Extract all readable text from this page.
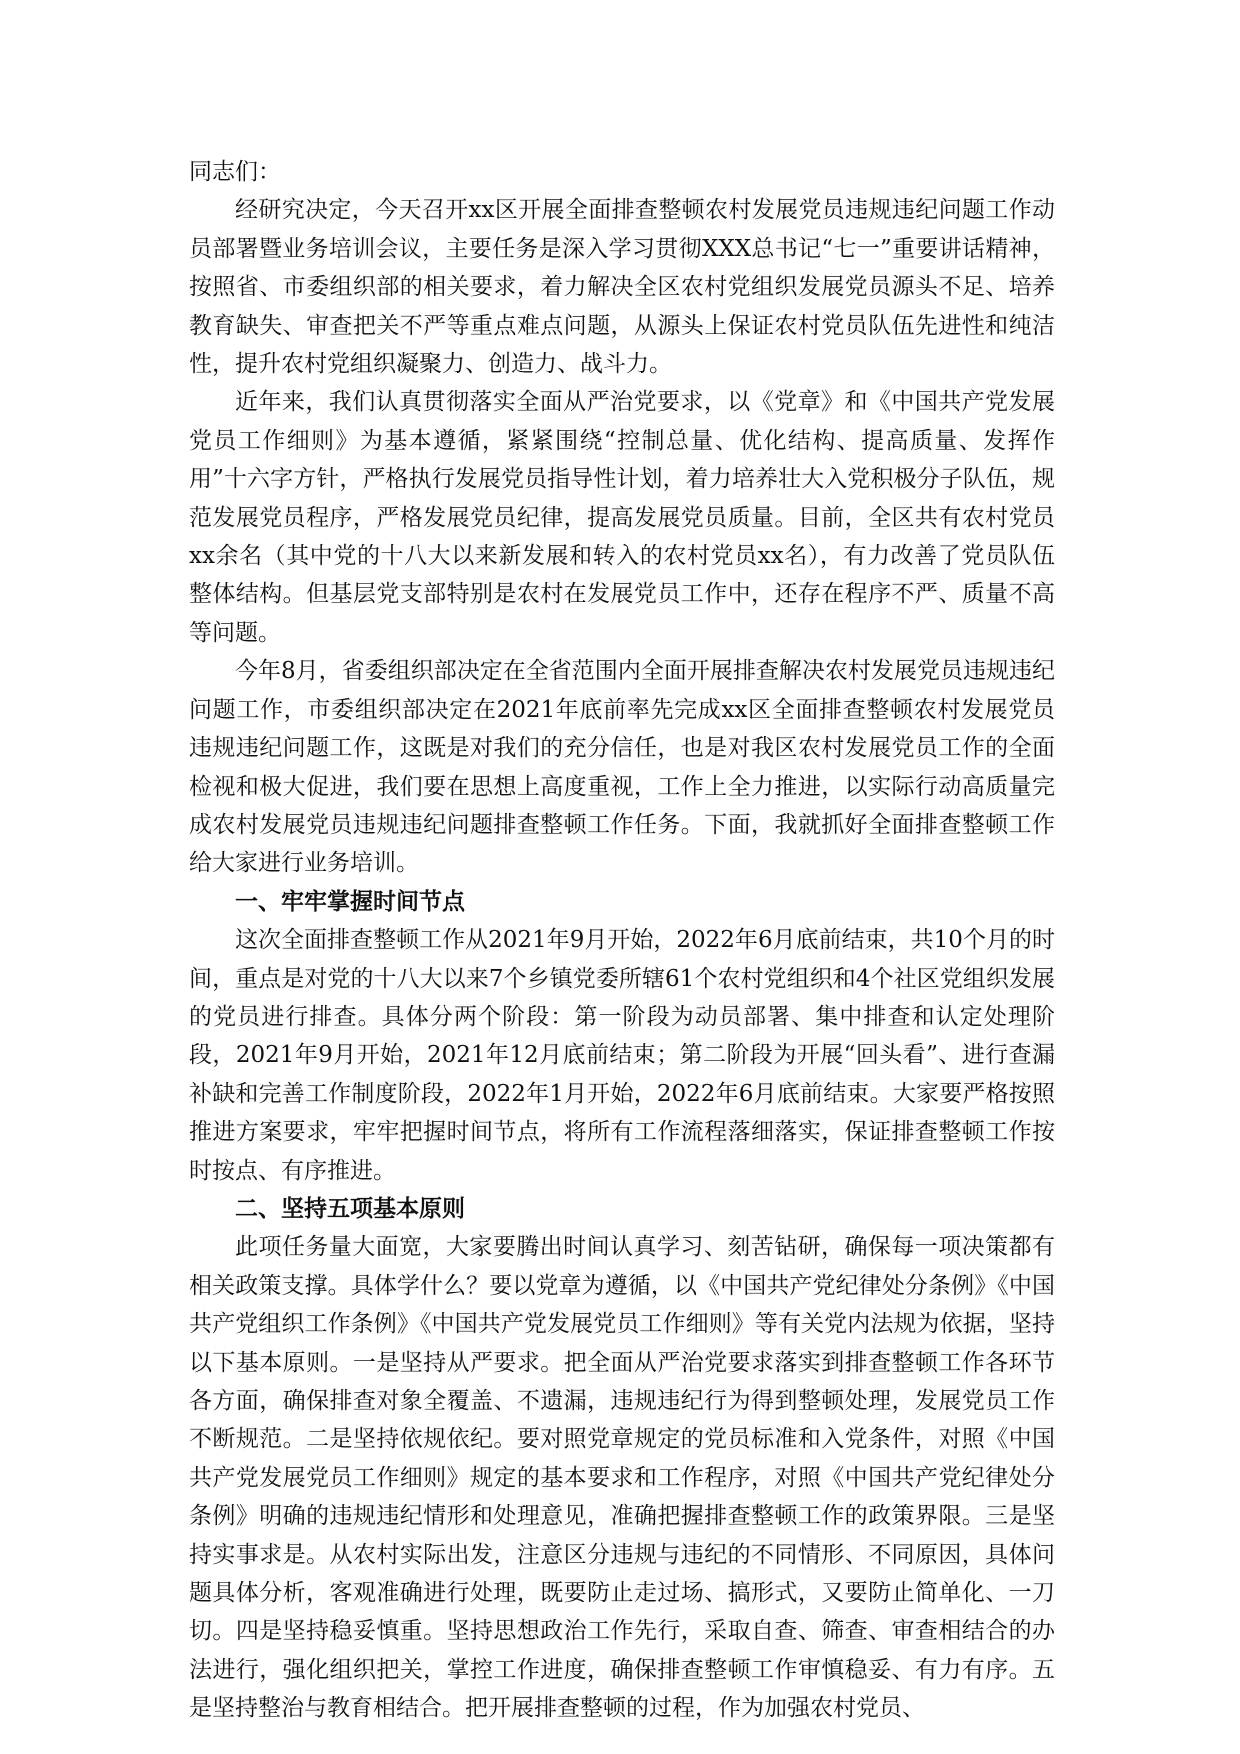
同志们：

经研究决定，今天召开xx区开展全面排查整顿农村发展党员违规违纪问题工作动员部署暨业务培训会议，主要任务是深入学习贯彻XXX总书记“七一”重要讲话精神，按照省、市委组织部的相关要求，着力解决全区农村党组织发展党员源头不足、培养教育缺失、审查把关不严等重点难点问题，从源头上保证农村党员队伍先进性和纯洁性，提升农村党组织凝聚力、创造力、战斗力。

近年来，我们认真贯彻落实全面从严治党要求，以《党章》和《中国共产党发展党员工作细则》为基本遵循，紧紧围绕“控制总量、优化结构、提高质量、发挥作用”十六字方针，严格执行发展党员指导性计划，着力培养壮大入党积极分子队伍，规范发展党员程序，严格发展党员纪律，提高发展党员质量。目前，全区共有农村党员xx余名（其中党的十八大以来新发展和转入的农村党员xx名），有力改善了党员队伍整体结构。但基层党支部特别是农村在发展党员工作中，还存在程序不严、质量不高等问题。

今年8月，省委组织部决定在全省范围内全面开展排查解决农村发展党员违规违纪问题工作，市委组织部决定在2021年底前率先完成xx区全面排查整顿农村发展党员违规违纪问题工作，这既是对我们的充分信任，也是对我区农村发展党员工作的全面检视和极大促进，我们要在思想上高度重视，工作上全力推进，以实际行动高质量完成农村发展党员违规违纪问题排查整顿工作任务。下面，我就抓好全面排查整顿工作给大家进行业务培训。

一、牢牢掌握时间节点

这次全面排查整顿工作从2021年9月开始，2022年6月底前结束，共10个月的时间，重点是对党的十八大以来7个乡镇党委所辖61个农村党组织和4个社区党组织发展的党员进行排查。具体分两个阶段：第一阶段为动员部署、集中排查和认定处理阶段，2021年9月开始，2021年12月底前结束；第二阶段为开展“回头看”、进行查漏补缺和完善工作制度阶段，2022年1月开始，2022年6月底前结束。大家要严格按照推进方案要求，牢牢把握时间节点，将所有工作流程落细落实，保证排查整顿工作按时按点、有序推进。

二、坚持五项基本原则

此项任务量大面宽，大家要腾出时间认真学习、刻苦钻研，确保每一项决策都有相关政策支撑。具体学什么？要以党章为遵循，以《中国共产党纪律处分条例》《中国共产党组织工作条例》《中国共产党发展党员工作细则》等有关党内法规为依据，坚持以下基本原则。一是坚持从严要求。把全面从严治党要求落实到排查整顿工作各环节各方面，确保排查对象全覆盖、不遗漏，违规违纪行为得到整顿处理，发展党员工作不断规范。二是坚持依规依纪。要对照党章规定的党员标准和入党条件，对照《中国共产党发展党员工作细则》规定的基本要求和工作程序，对照《中国共产党纪律处分条例》明确的违规违纪情形和处理意见，准确把握排查整顿工作的政策界限。三是坚持实事求是。从农村实际出发，注意区分违规与违纪的不同情形、不同原因，具体问题具体分析，客观准确进行处理，既要防止走过场、搞形式，又要防止简单化、一刀切。四是坚持稳妥慎重。坚持思想政治工作先行，采取自查、筛查、审查相结合的办法进行，强化组织把关，掌控工作进度，确保排查整顿工作审慎稳妥、有力有序。五是坚持整治与教育相结合。把开展排查整顿的过程，作为加强农村党员、
